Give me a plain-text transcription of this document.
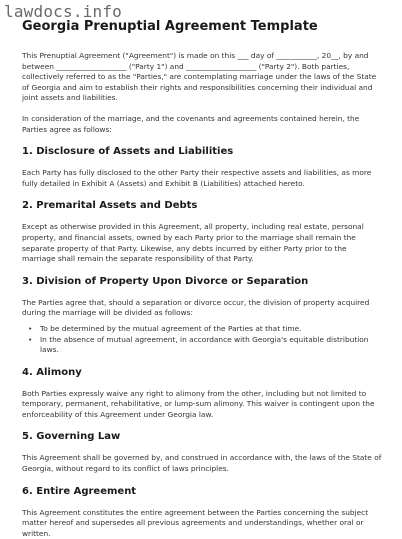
lawdocs.info
Georgia Prenuptial Agreement Template

This Prenuptial Agreement ("Agreement") is made on this ___ day of ___________, 20__, by and between ___________________ ("Party 1") and ___________________ ("Party 2"). Both parties, collectively referred to as the "Parties," are contemplating marriage under the laws of the State of Georgia and aim to establish their rights and responsibilities concerning their individual and joint assets and liabilities.

In consideration of the marriage, and the covenants and agreements contained herein, the Parties agree as follows:

1. Disclosure of Assets and Liabilities

Each Party has fully disclosed to the other Party their respective assets and liabilities, as more fully detailed in Exhibit A (Assets) and Exhibit B (Liabilities) attached hereto.

2. Premarital Assets and Debts

Except as otherwise provided in this Agreement, all property, including real estate, personal property, and financial assets, owned by each Party prior to the marriage shall remain the separate property of that Party. Likewise, any debts incurred by either Party prior to the marriage shall remain the separate responsibility of that Party.

3. Division of Property Upon Divorce or Separation

The Parties agree that, should a separation or divorce occur, the division of property acquired during the marriage will be divided as follows:

• To be determined by the mutual agreement of the Parties at that time.
• In the absence of mutual agreement, in accordance with Georgia's equitable distribution laws.
4. Alimony

Both Parties expressly waive any right to alimony from the other, including but not limited to temporary, permanent, rehabilitative, or lump-sum alimony. This waiver is contingent upon the enforceability of this Agreement under Georgia law.

5. Governing Law

This Agreement shall be governed by, and construed in accordance with, the laws of the State of Georgia, without regard to its conflict of laws principles.

6. Entire Agreement

This Agreement constitutes the entire agreement between the Parties concerning the subject matter hereof and supersedes all previous agreements and understandings, whether oral or written.
